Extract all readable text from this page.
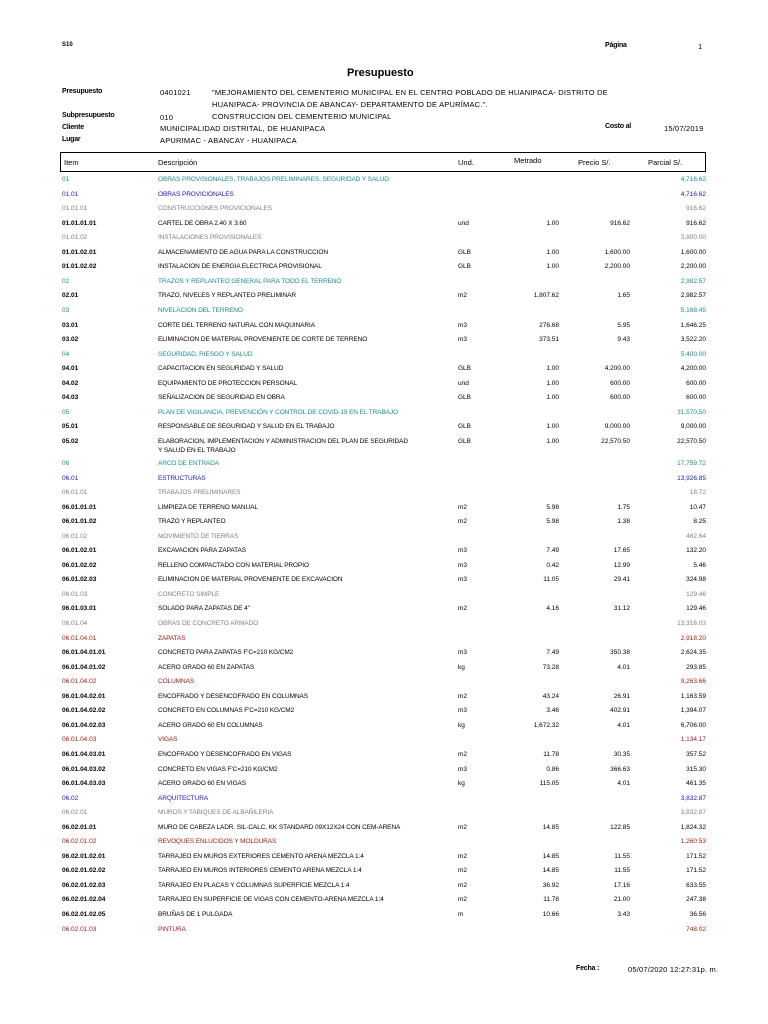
S10	Página	1
Presupuesto
Presupuesto	0401021	"MEJORAMIENTO DEL CEMENTERIO MUNICIPAL EN EL CENTRO POBLADO DE HUANIPACA- DISTRITO DE
HUANIPACA- PROVINCIA DE ABANCAY- DEPARTAMENTO DE APURÍMAC.".
Subpresupuesto	010	CONSTRUCCION DEL CEMENTERIO MUNICIPAL
Cliente	MUNICIPALIDAD DISTRITAL, DE HUANIPACA	Costo al	15/07/2019
Lugar	APURIMAC - ABANCAY - HUANIPACA
Item	Descripción	Und.	Metrado	Precio S/.	Parcial S/.
01	OBRAS PROVISIONALES, TRABAJOS PRELIMINARES, SEGURIDAD Y SALUD.	4,716.62
01.01	OBRAS PROVICIONALES	4,716.62
01.01.01	CONSTRUCCIONES PROVICIONALES	916.62
01.01.01.01	CARTEL DE OBRA 2.40 X 3.60	und	1.00	916.62	916.62
01.01.02	INSTALACIONES PROVISIONALES	3,800.00
01.01.02.01	ALMACENAMIENTO DE AGUA PARA LA CONSTRUCCION	GLB	1.00	1,600.00	1,600.00
01.01.02.02	INSTALACION DE ENERGIA ELECTRICA PROVISIONAL	GLB	1.00	2,200.00	2,200.00
02	TRAZOS Y REPLANTEO GENERAL PARA TODO EL TERRENO	2,982.57
02.01	TRAZO, NIVELES Y REPLANTEO PRELIMINAR	m2	1,807.62	1.65	2,982.57
03	NIVELACION DEL TERRENO	5,168.45
03.01	CORTE DEL TERRENO NATURAL CON MAQUINARIA	m3	276.68	5.95	1,646.25
03.02	ELIMINACION DE MATERIAL PROVENIENTE DE CORTE DE TERRENO	m3	373.51	9.43	3,522.20
04	SEGURIDAD, RIESGO Y SALUD	5,400.00
04.01	CAPACITACION EN SEGURIDAD Y SALUD	GLB	1.00	4,200.00	4,200.00
04.02	EQUIPAMIENTO DE PROTECCION PERSONAL	und	1.00	600.00	600.00
04.03	SEÑALIZACION DE SEGURIDAD EN OBRA	GLB	1.00	600.00	600.00
05	PLAN DE VIGILANCIA, PREVENCIÓN Y CONTROL DE COVID-19 EN EL TRABAJO	31,570.50
05.01	RESPONSABLE DE SEGURIDAD Y SALUD EN EL TRABAJO	GLB	1.00	9,000.00	9,000.00
05.02	ELABORACION, IMPLEMENTACION Y ADMINISTRACION DEL PLAN DE SEGURIDAD	GLB	1.00	22,570.50	22,570.50
Y SALUD EN EL TRABAJO
06	ARCO DE ENTRADA	17,759.72
06.01	ESTRUCTURAS	13,926.85
06.01.01	TRABAJOS PRELIMINARES	18.72
06.01.01.01	LIMPIEZA DE TERRENO MANUAL	m2	5.98	1.75	10.47
06.01.01.02	TRAZO Y REPLANTEO	m2	5.98	1.38	8.25
06.01.02	MOVIMIENTO DE TIERRAS	462.64
06.01.02.01	EXCAVACION PARA ZAPATAS	m3	7.49	17.65	132.20
06.01.02.02	RELLENO COMPACTADO CON MATERIAL PROPIO	m3	0.42	12.99	5.46
06.01.02.03	ELIMINACION DE MATERIAL PROVENIENTE DE EXCAVACION	m3	11.05	29.41	324.98
06.01.03	CONCRETO SIMPLE	129.46
06.01.03.01	SOLADO PARA ZAPATAS DE 4"	m2	4.16	31.12	129.46
06.01.04	OBRAS DE CONCRETO ARMADO	13,316.03
06.01.04.01	ZAPATAS	2,918.20
06.01.04.01.01	CONCRETO PARA ZAPATAS F'C=210 KG/CM2	m3	7.49	350.38	2,624.35
06.01.04.01.02	ACERO GRADO 60 EN ZAPATAS	kg	73.28	4.01	293.85
06.01.04.02	COLUMNAS	9,263.66
06.01.04.02.01	ENCOFRADO Y DESENCOFRADO EN COLUMNAS	m2	43.24	26.91	1,163.59
06.01.04.02.02	CONCRETO EN COLUMNAS F'C=210 KG/CM2	m3	3.46	402.91	1,394.07
06.01.04.02.03	ACERO GRADO 60 EN COLUMNAS	kg	1,672.32	4.01	6,706.00
06.01.04.03	VIGAS	1,134.17
06.01.04.03.01	ENCOFRADO Y DESENCOFRADO EN VIGAS	m2	11.78	30.35	357.52
06.01.04.03.02	CONCRETO EN VIGAS F'C=210 KG/CM2	m3	0.86	366.63	315.30
06.01.04.03.03	ACERO GRADO 60 EN VIGAS	kg	115.05	4.01	461.35
06.02	ARQUITECTURA	3,832.87
06.02.01	MUROS Y TABIQUES DE ALBAÑILERIA	3,832.87
06.02.01.01	MURO DE CABEZA LADR. SIL-CALC. KK STANDARD 09X12X24 CON CEM-ARENA	m2	14.85	122.85	1,824.32
06.02.01.02	REVOQUES ENLUCIDOS Y MOLDURAS	1,260.53
06.02.01.02.01	TARRAJEO EN MUROS EXTERIORES CEMENTO ARENA MEZCLA 1:4	m2	14.85	11.55	171.52
06.02.01.02.02	TARRAJEO EN MUROS INTERIORES CEMENTO ARENA MEZCLA 1:4	m2	14.85	11.55	171.52
06.02.01.02.03	TARRAJEO EN PLACAS Y COLUMNAS SUPERFICIE MEZCLA 1:4	m2	36.92	17.16	633.55
06.02.01.02.04	TARRAJEO EN SUPERFICIE DE VIGAS CON CEMENTO-ARENA MEZCLA 1:4	m2	11.78	21.00	247.38
06.02.01.02.05	BRUÑAS DE 1 PULGADA	m	10.66	3.43	36.56
06.02.01.03	PINTURA	748.02
Fecha :	05/07/2020 12:27:31p. m.
